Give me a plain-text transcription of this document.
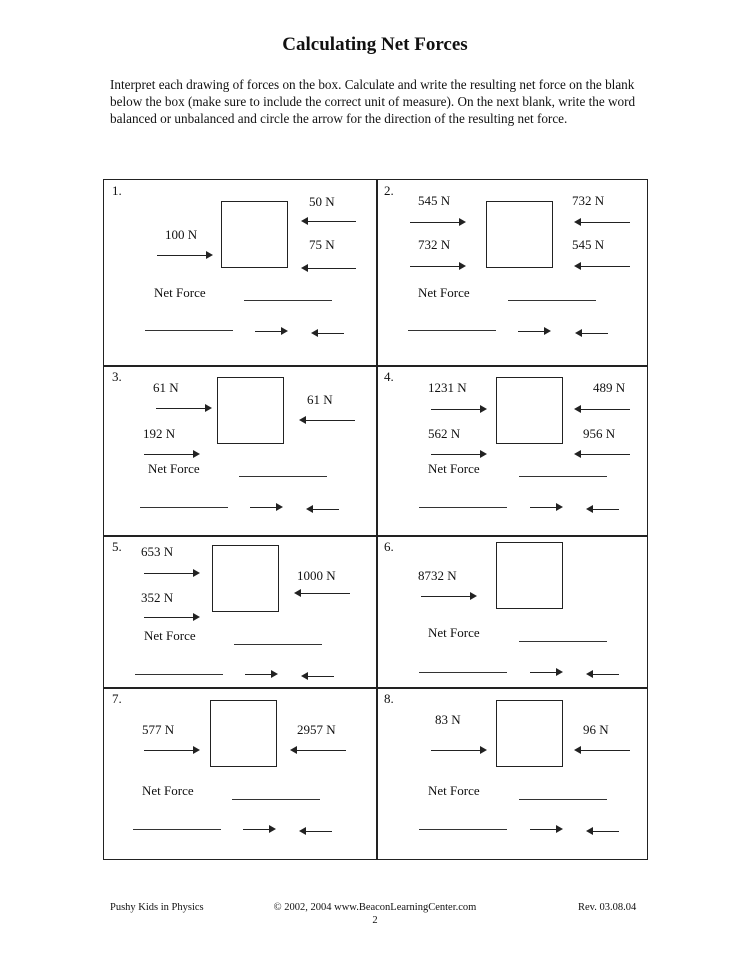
Calculating Net Forces
Interpret each drawing of forces on the box. Calculate and write the resulting net force on the blank below the box (make sure to include the correct unit of measure). On the next blank, write the word balanced or unbalanced and circle the arrow for the direction of the resulting net force.
1.
100 N
50 N
75 N
Net Force
2.
545 N
732 N
732 N
545 N
Net Force
3.
61 N
192 N
61 N
Net Force
4.
1231 N
562 N
489 N
956 N
Net Force
5. 653 N
352 N
1000 N
Net Force
6.
8732 N
Net Force
7.
577 N	2957 N
Net Force
8.
83 N
96 N
Net Force
Pushy Kids in Physics	© 2002, 2004 www.BeaconLearningCenter.com
2
Rev. 03.08.04
